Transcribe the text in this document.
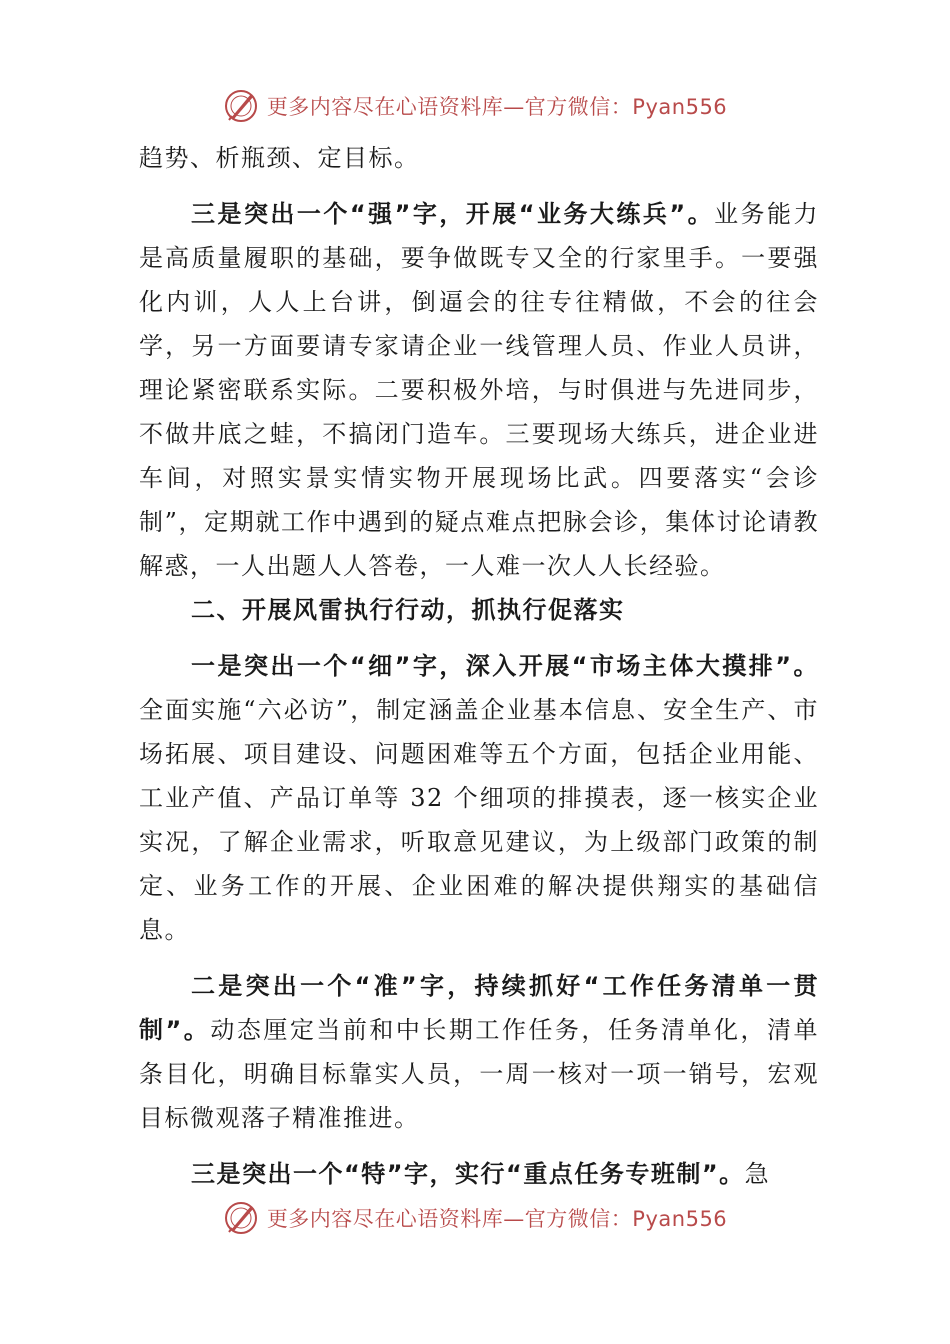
更多内容尽在心语资料库—官方微信：Pyan556

趋势、析瓶颈、定目标。

三是突出一个“强”字，开展“业务大练兵”。业务能力是高质量履职的基础，要争做既专又全的行家里手。一要强化内训，人人上台讲，倒逼会的往专往精做，不会的往会学，另一方面要请专家请企业一线管理人员、作业人员讲，理论紧密联系实际。二要积极外培，与时俱进与先进同步，不做井底之蛙，不搞闭门造车。三要现场大练兵，进企业进车间，对照实景实情实物开展现场比武。四要落实“会诊制”，定期就工作中遇到的疑点难点把脉会诊，集体讨论请教解惑，一人出题人人答卷，一人难一次人人长经验。

二、开展风雷执行行动，抓执行促落实

一是突出一个“细”字，深入开展“市场主体大摸排”。全面实施“六必访”，制定涵盖企业基本信息、安全生产、市场拓展、项目建设、问题困难等五个方面，包括企业用能、工业产值、产品订单等 32 个细项的排摸表，逐一核实企业实况，了解企业需求，听取意见建议，为上级部门政策的制定、业务工作的开展、企业困难的解决提供翔实的基础信息。

二是突出一个“准”字，持续抓好“工作任务清单一贯制”。动态厘定当前和中长期工作任务，任务清单化，清单条目化，明确目标靠实人员，一周一核对一项一销号，宏观目标微观落子精准推进。

三是突出一个“特”字，实行“重点任务专班制”。急

更多内容尽在心语资料库—官方微信：Pyan556
